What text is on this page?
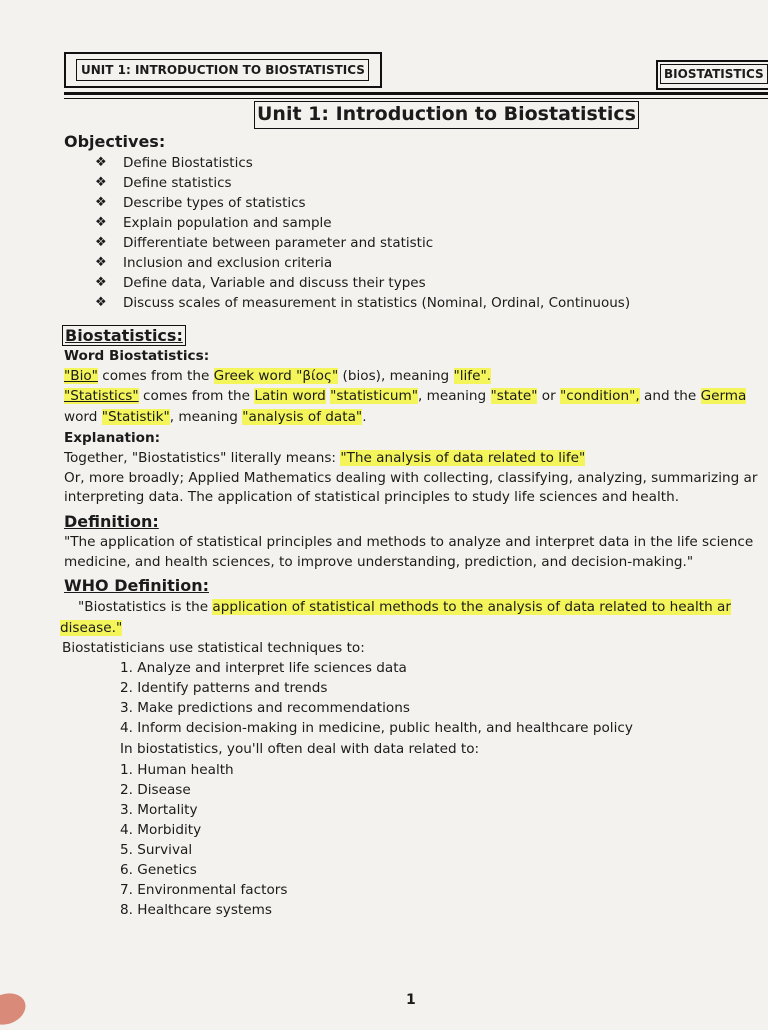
UNIT 1: INTRODUCTION TO BIOSTATISTICS	BIOSTATISTICS
Unit 1: Introduction to Biostatistics
Objectives:
❖ Define Biostatistics
❖ Define statistics
❖ Describe types of statistics
❖ Explain population and sample
❖ Differentiate between parameter and statistic
❖ Inclusion and exclusion criteria
❖ Define data, Variable and discuss their types
❖ Discuss scales of measurement in statistics (Nominal, Ordinal, Continuous)
Biostatistics:
Word Biostatistics:
"Bio" comes from the Greek word "βίος" (bios), meaning "life".
"Statistics" comes from the Latin word "statisticum", meaning "state" or "condition", and the Germa
word "Statistik", meaning "analysis of data".
Explanation:
Together, "Biostatistics" literally means: "The analysis of data related to life"
Or, more broadly; Applied Mathematics dealing with collecting, classifying, analyzing, summarizing ar
interpreting data. The application of statistical principles to study life sciences and health.
Definition:
"The application of statistical principles and methods to analyze and interpret data in the life science
medicine, and health sciences, to improve understanding, prediction, and decision-making."
WHO Definition:
"Biostatistics is the application of statistical methods to the analysis of data related to health ar
disease."
Biostatisticians use statistical techniques to:
1. Analyze and interpret life sciences data
2. Identify patterns and trends
3. Make predictions and recommendations
4. Inform decision-making in medicine, public health, and healthcare policy
In biostatistics, you'll often deal with data related to:
1. Human health
2. Disease
3. Mortality
4. Morbidity
5. Survival
6. Genetics
7. Environmental factors
8. Healthcare systems
1
